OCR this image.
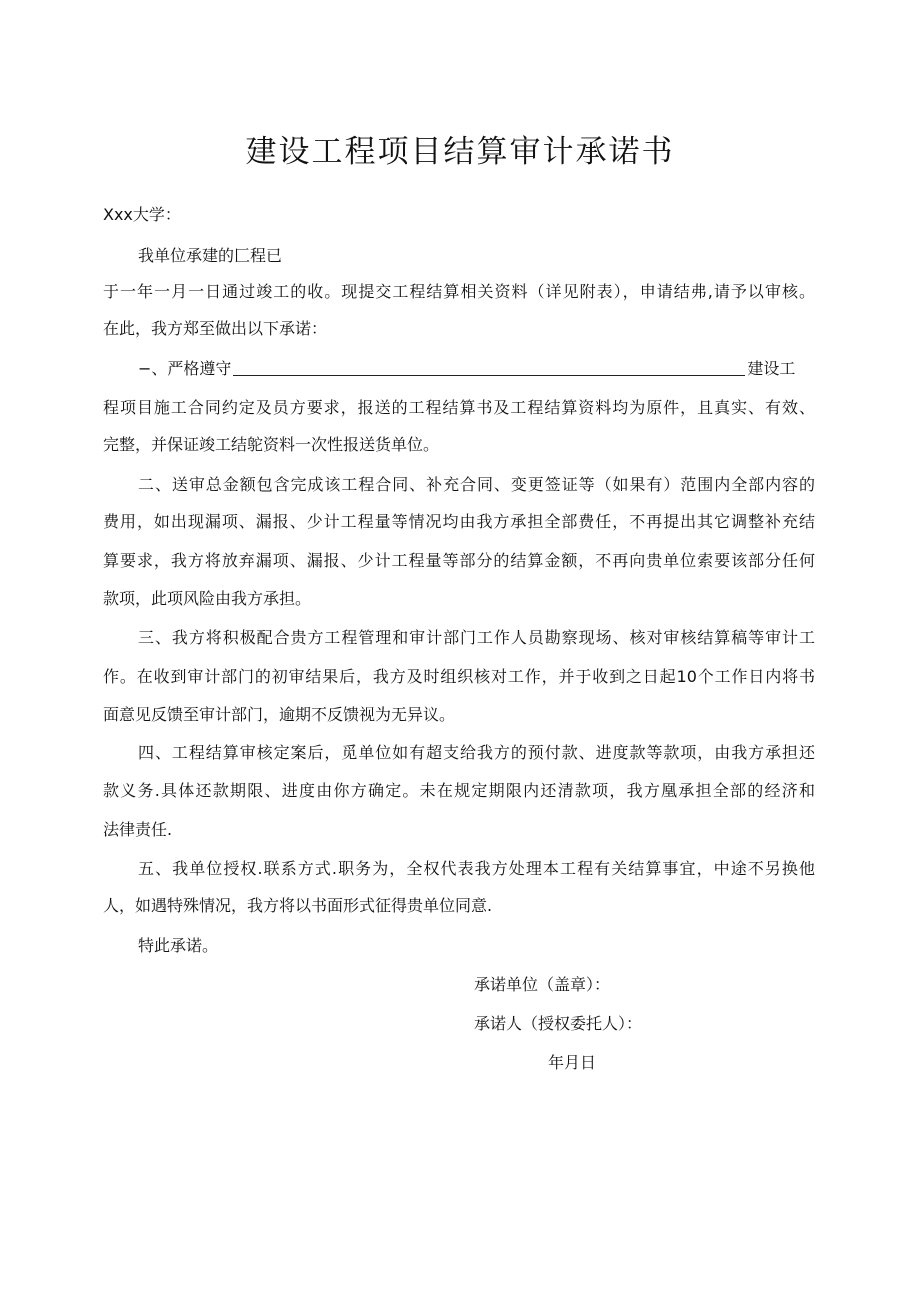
建设工程项目结算审计承诺书
Xxx大学：
我单位承建的匚程已
于一年一月一日通过竣工的收。现提交工程结算相关资料（详见附表），申请结弗,请予以审核。
在此，我方郑至做出以下承诺：
−、严格遵守	建设工
程项目施工合同约定及员方要求，报送的工程结算书及工程结算资料均为原件，且真实、有效、
完整，并保证竣工结鸵资料一次性报送货单位。
二、送审总金额包含完成该工程合同、补充合同、变更签证等（如果有）范围内全部内容的
费用，如出现漏项、漏报、少计工程量等情况均由我方承担全部费任，不再提出其它调整补充结
算要求，我方将放弃漏项、漏报、少计工程量等部分的结算金额，不再向贵单位索要该部分任何
款项，此项风险由我方承担。
三、我方将积极配合贵方工程管理和审计部门工作人员勘察现场、核对审核结算稿等审计工
作。在收到审计部门的初审结果后，我方及时组织核对工作，并于收到之日起10个工作日内将书
面意见反馈至审计部门，逾期不反馈视为无异议。
四、工程结算审核定案后，觅单位如有超支给我方的预付款、进度款等款项，由我方承担还
款义务.具体还款期限、进度由你方确定。未在规定期限内还清款项，我方凰承担全部的经济和
法律责任.
五、我单位授权.联系方式.职务为，全权代表我方处理本工程有关结算事宜，中途不另换他
人，如遇特殊情况，我方将以书面形式征得贵单位同意.
特此承诺。
承诺单位（盖章）：
承诺人（授权委托人）：
年月日
